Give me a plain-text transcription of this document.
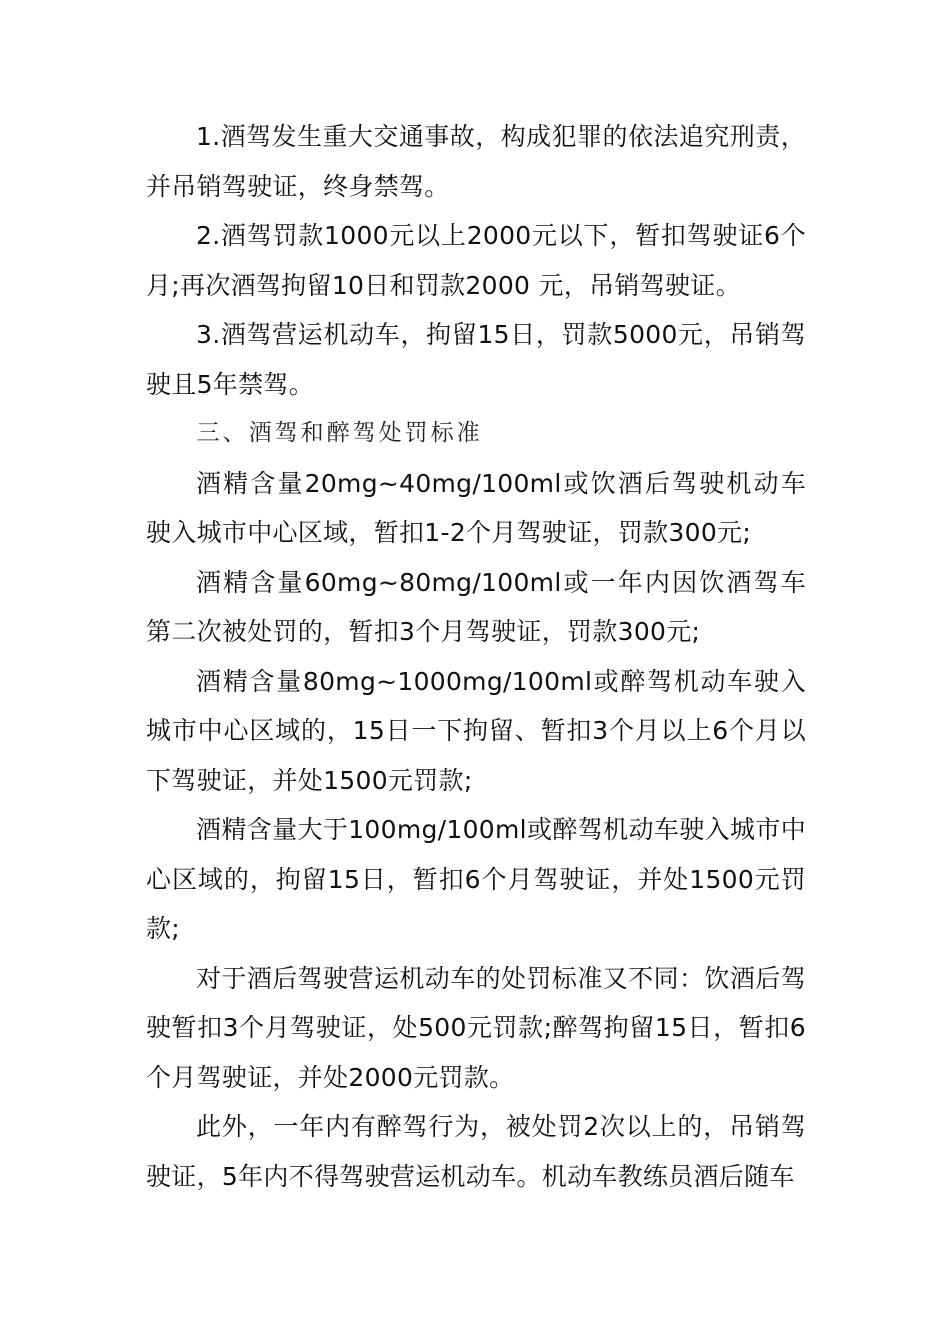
1.酒驾发生重大交通事故，构成犯罪的依法追究刑责，并吊销驾驶证，终身禁驾。

2.酒驾罚款1000元以上2000元以下，暂扣驾驶证6个月;再次酒驾拘留10日和罚款2000 元，吊销驾驶证。

3.酒驾营运机动车，拘留15日，罚款5000元，吊销驾驶且5年禁驾。

三、酒驾和醉驾处罚标准

酒精含量20mg~40mg/100ml或饮酒后驾驶机动车驶入城市中心区域，暂扣1-2个月驾驶证，罚款300元;

酒精含量60mg~80mg/100ml或一年内因饮酒驾车第二次被处罚的，暂扣3个月驾驶证，罚款300元;

酒精含量80mg~1000mg/100ml或醉驾机动车驶入城市中心区域的，15日一下拘留、暂扣3个月以上6个月以下驾驶证，并处1500元罚款;

酒精含量大于100mg/100ml或醉驾机动车驶入城市中心区域的，拘留15日，暂扣6个月驾驶证，并处1500元罚款;

对于酒后驾驶营运机动车的处罚标准又不同：饮酒后驾驶暂扣3个月驾驶证，处500元罚款;醉驾拘留15日，暂扣6个月驾驶证，并处2000元罚款。

此外，一年内有醉驾行为，被处罚2次以上的，吊销驾驶证，5年内不得驾驶营运机动车。机动车教练员酒后随车
